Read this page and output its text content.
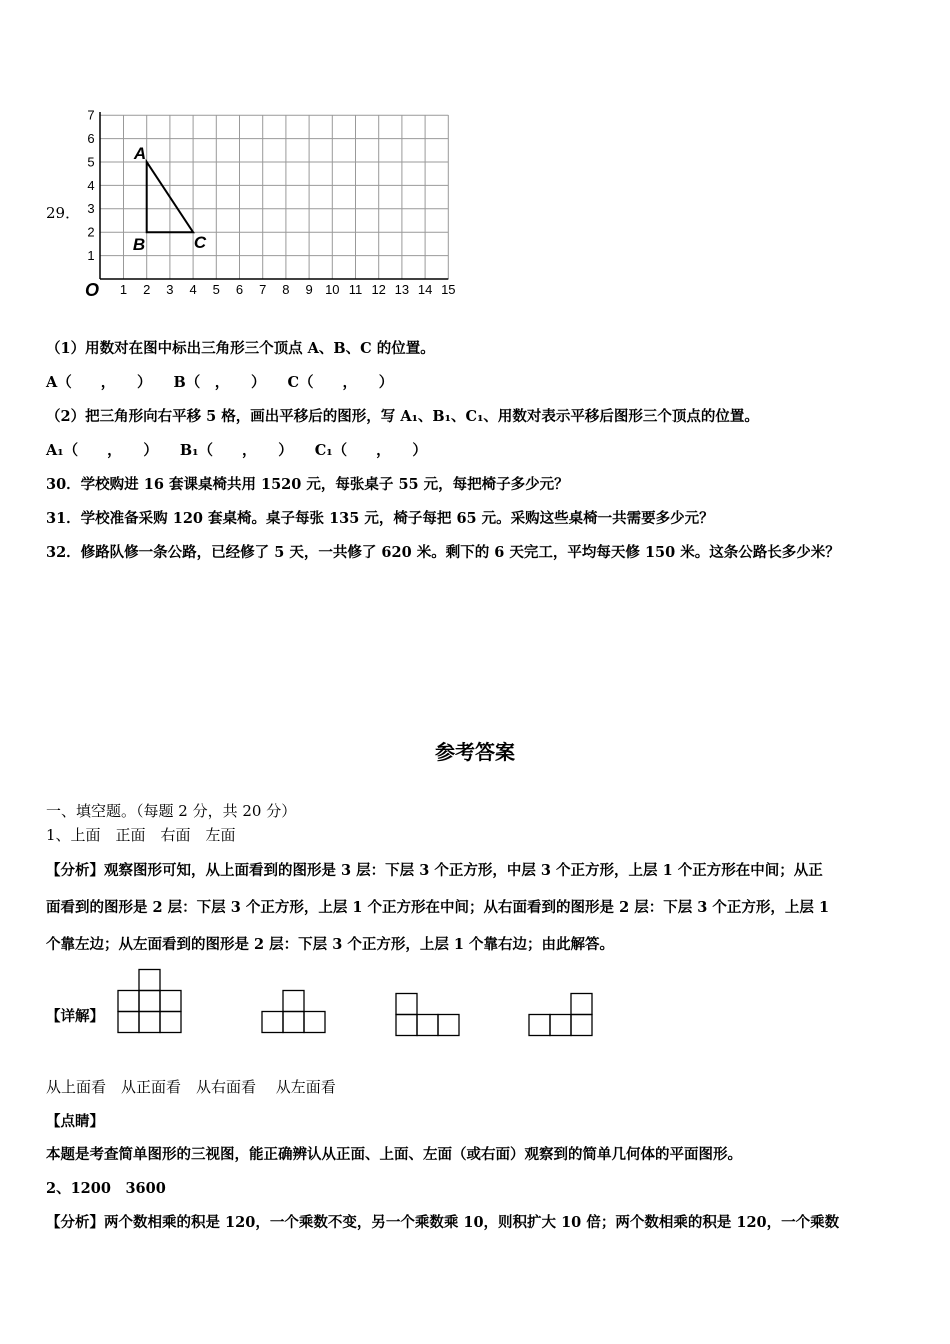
29．
1 2 3 4 5 6 7 8 9 10 11 12 13 14 15
1
2
3
4
5
6
7
O
A
B	C
（1）用数对在图中标出三角形三个顶点 A、B、C 的位置。
A（　　，　　） B（　，　　） C（　　，　　）
（2）把三角形向右平移 5 格，画出平移后的图形，写 A₁、B₁、C₁、用数对表示平移后图形三个顶点的位置。
A₁（　　，　　） B₁（　　，　　） C₁（　　，　　）
30．学校购进 16 套课桌椅共用 1520 元，每张桌子 55 元，每把椅子多少元？
31．学校准备采购 120 套桌椅。桌子每张 135 元，椅子每把 65 元。采购这些桌椅一共需要多少元？
32．修路队修一条公路，已经修了 5 天，一共修了 620 米。剩下的 6 天完工，平均每天修 150 米。这条公路长多少米？
参考答案
一、填空题。（每题 2 分，共 20 分）
1、上面　正面　右面　左面
【分析】观察图形可知，从上面看到的图形是 3 层：下层 3 个正方形，中层 3 个正方形，上层 1 个正方形在中间；从正
面看到的图形是 2 层：下层 3 个正方形，上层 1 个正方形在中间；从右面看到的图形是 2 层：下层 3 个正方形，上层 1
个靠左边；从左面看到的图形是 2 层：下层 3 个正方形，上层 1 个靠右边；由此解答。
【详解】
从上面看　从正面看　从右面看　 从左面看
【点睛】
本题是考查简单图形的三视图，能正确辨认从正面、上面、左面（或右面）观察到的简单几何体的平面图形。
2、1200　3600
【分析】两个数相乘的积是 120，一个乘数不变，另一个乘数乘 10，则积扩大 10 倍；两个数相乘的积是 120，一个乘数
